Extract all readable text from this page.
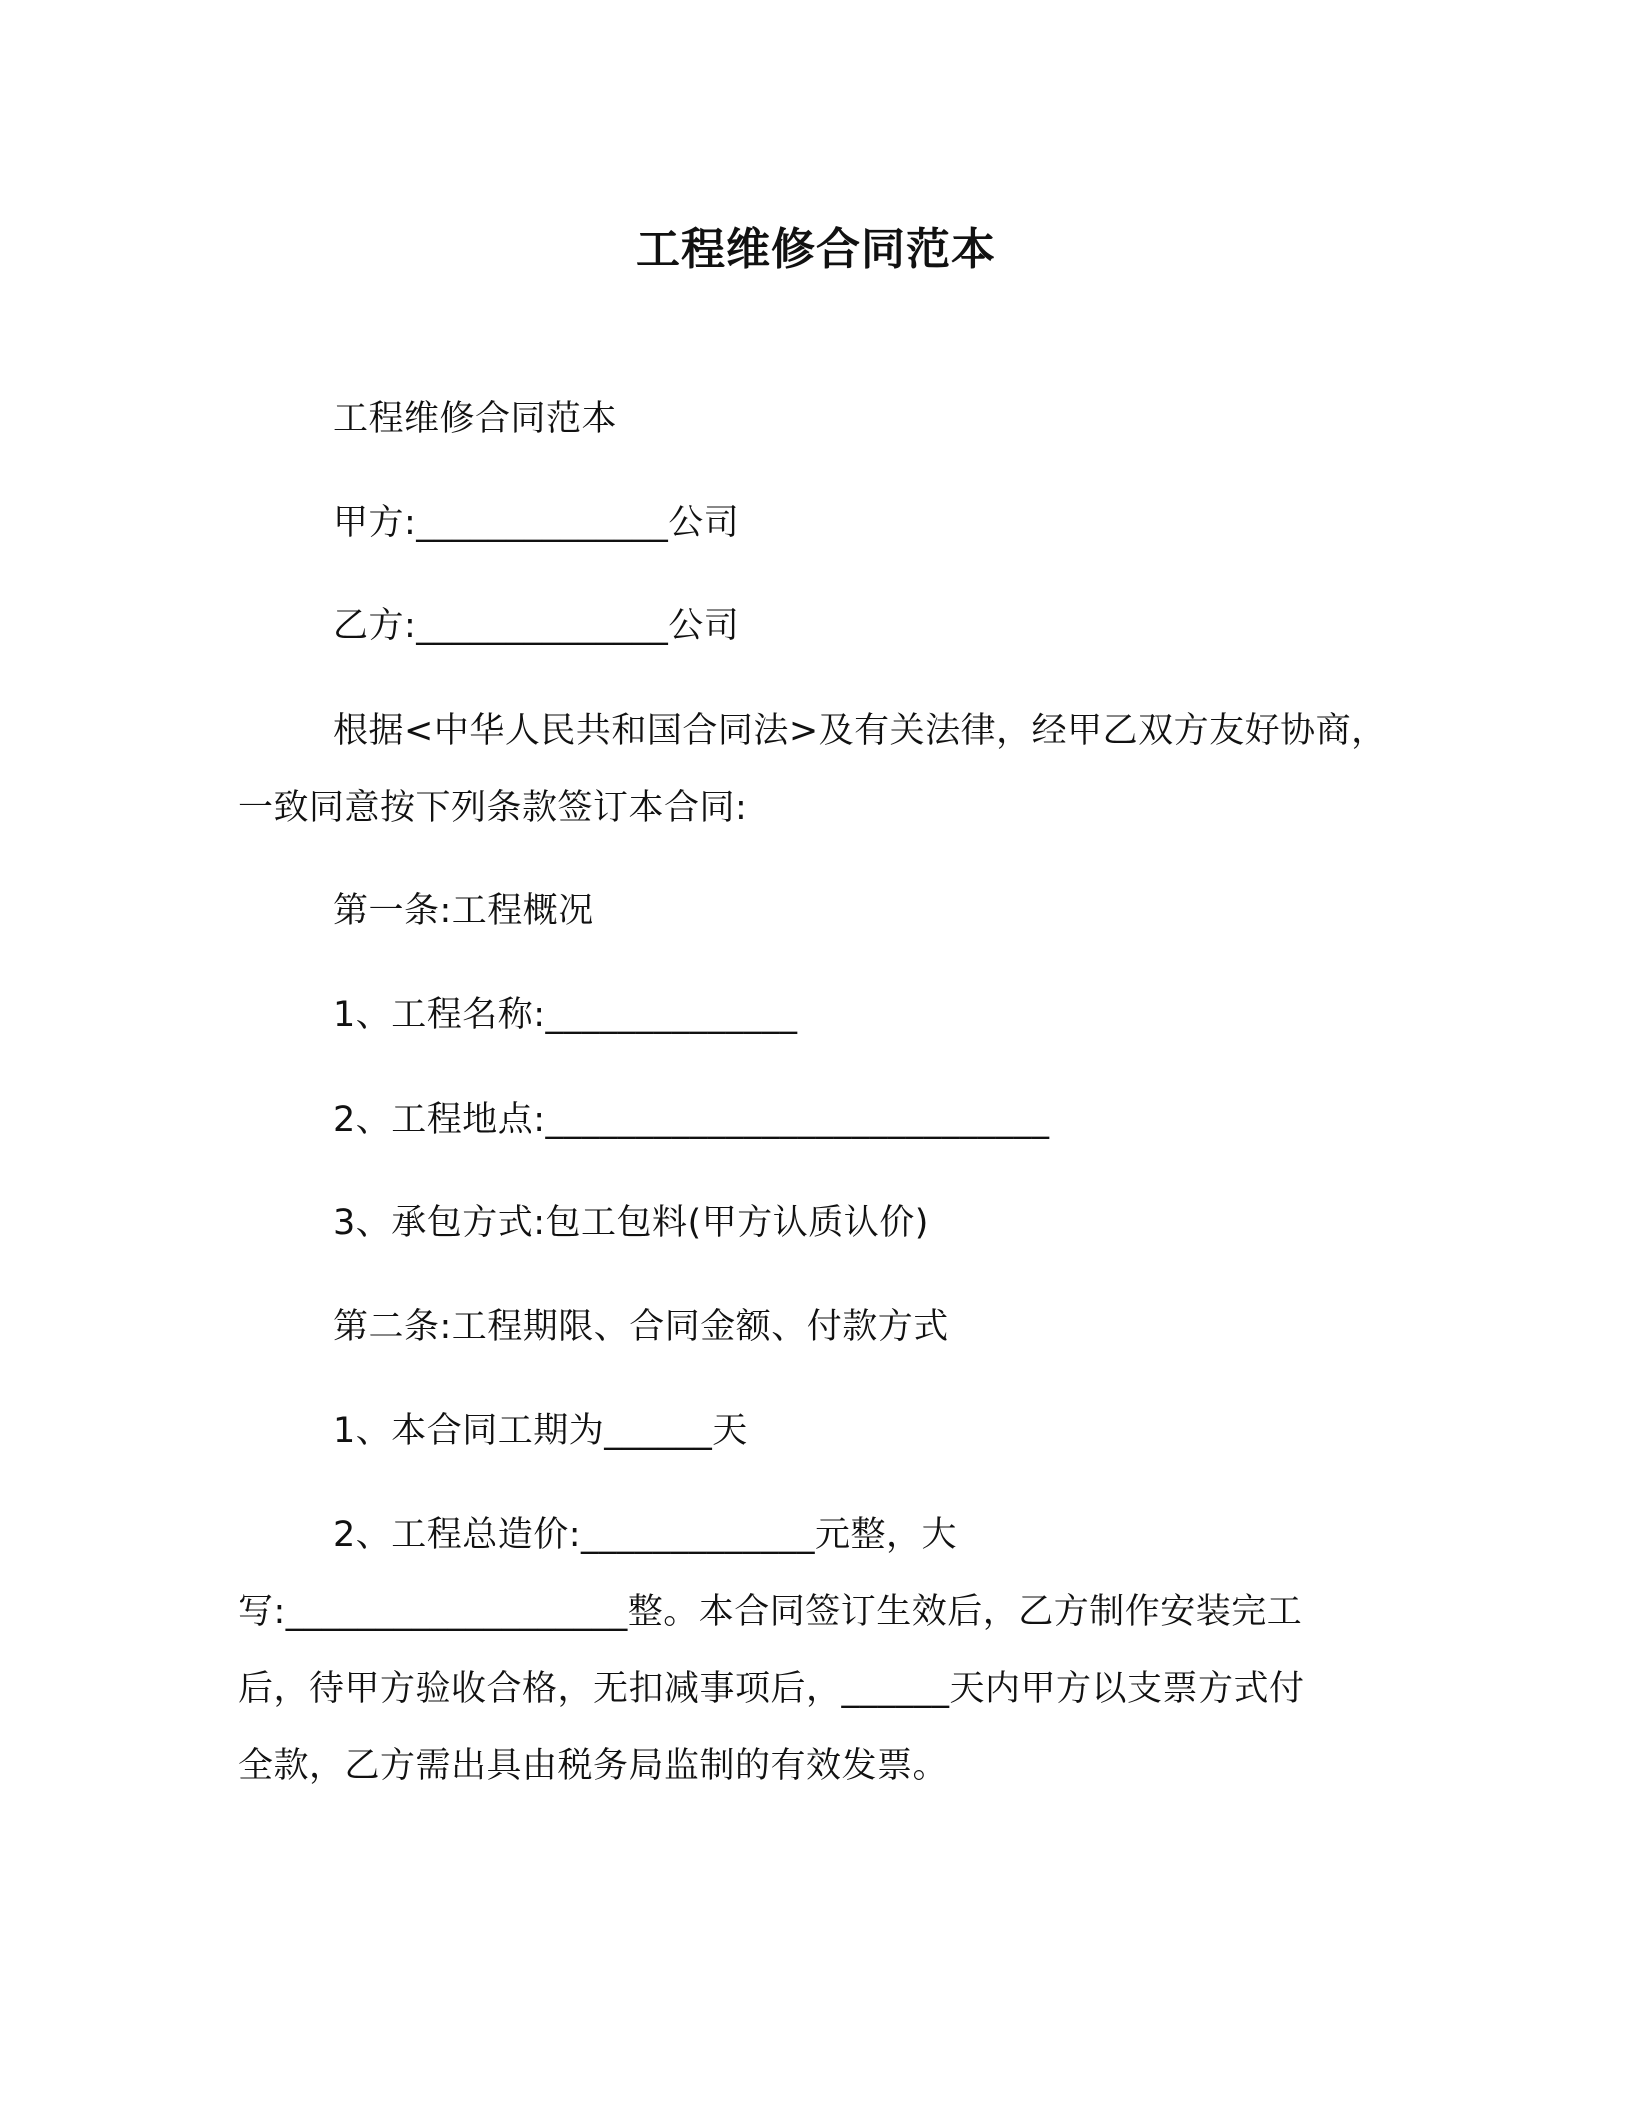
工程维修合同范本
工程维修合同范本
甲方:______________公司
乙方:______________公司
根据<中华人民共和国合同法>及有关法律，经甲乙双方友好协商，
一致同意按下列条款签订本合同:
第一条:工程概况
1、工程名称:______________
2、工程地点:____________________________
3、承包方式:包工包料(甲方认质认价)
第二条:工程期限、合同金额、付款方式
1、本合同工期为______天
2、工程总造价:_____________元整，大
写:___________________整。本合同签订生效后，乙方制作安装完工
后，待甲方验收合格，无扣减事项后，______天内甲方以支票方式付
全款，乙方需出具由税务局监制的有效发票。
